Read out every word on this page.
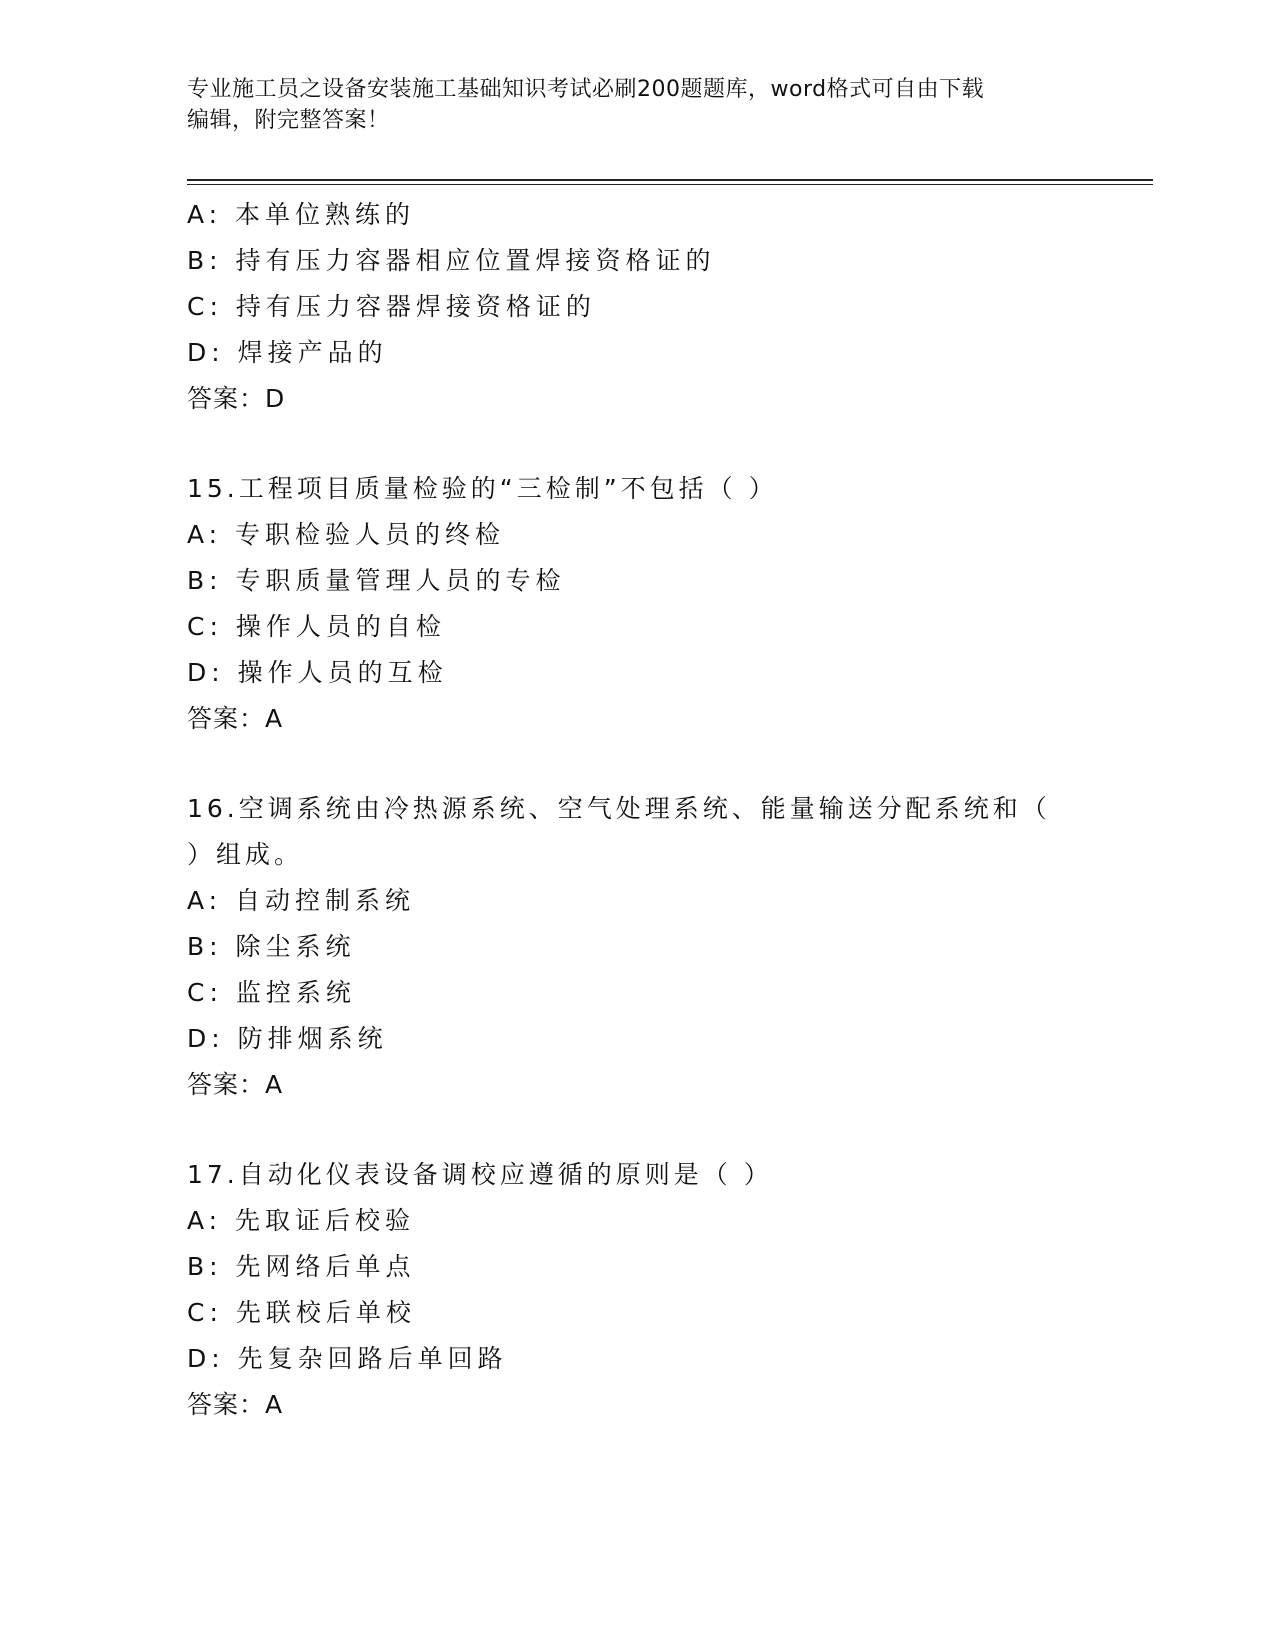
专业施工员之设备安装施工基础知识考试必刷200题题库，word格式可自由下载
编辑，附完整答案！
A: 本单位熟练的
B: 持有压力容器相应位置焊接资格证的
C: 持有压力容器焊接资格证的
D: 焊接产品的
答案：D
15.工程项目质量检验的“三检制”不包括（ ）
A: 专职检验人员的终检
B: 专职质量管理人员的专检
C: 操作人员的自检
D: 操作人员的互检
答案：A
16.空调系统由冷热源系统、空气处理系统、能量输送分配系统和（
）组成。
A: 自动控制系统
B: 除尘系统
C: 监控系统
D: 防排烟系统
答案：A
17.自动化仪表设备调校应遵循的原则是（ ）
A: 先取证后校验
B: 先网络后单点
C: 先联校后单校
D: 先复杂回路后单回路
答案：A
